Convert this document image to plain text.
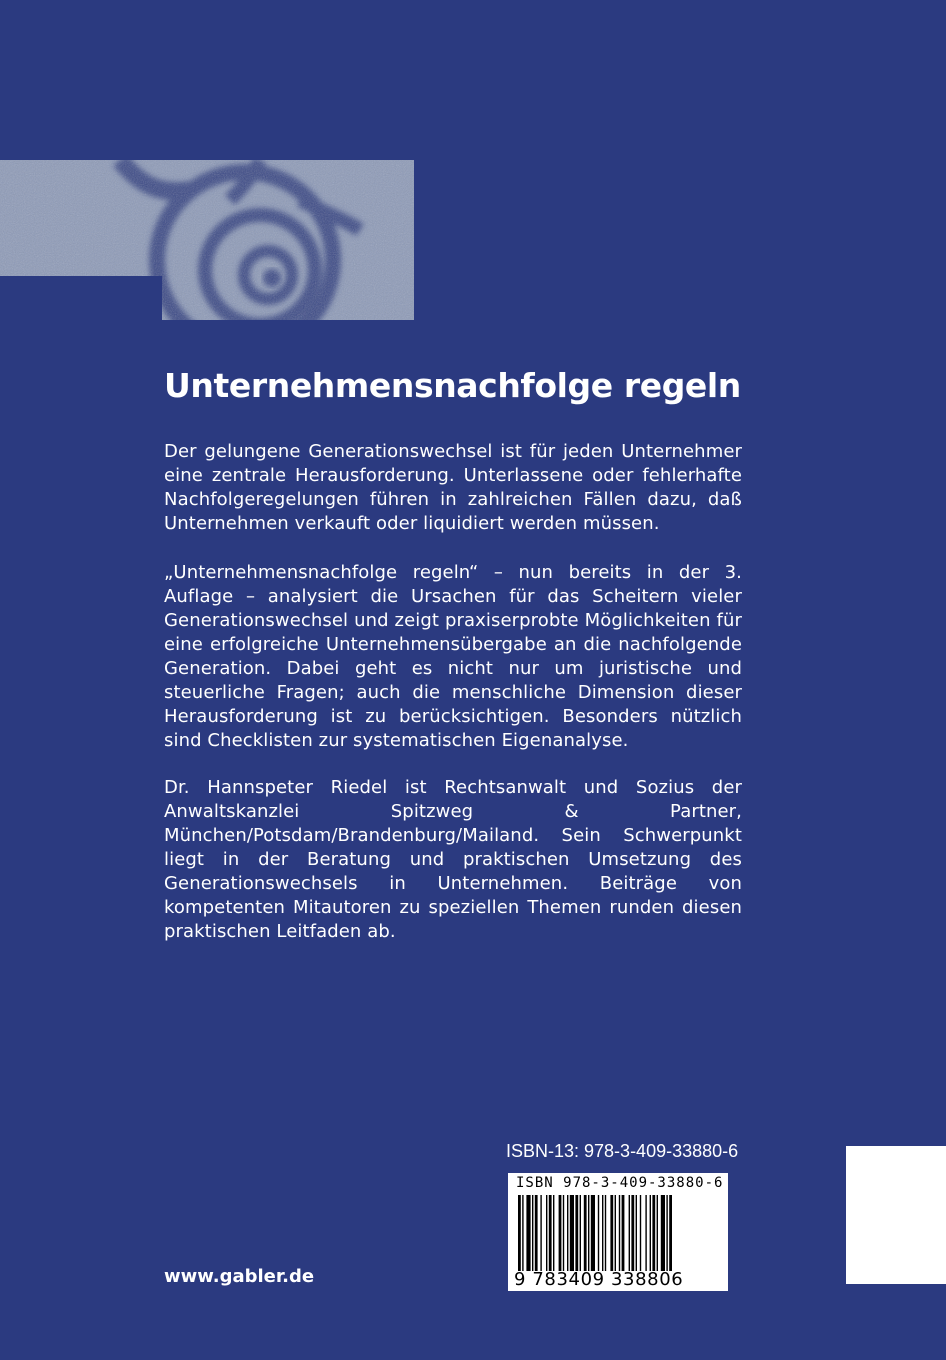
Unternehmensnachfolge regeln

Der gelungene Generationswechsel ist für jeden Unternehmer eine zentrale Herausforderung. Unterlassene oder fehlerhafte Nachfolgeregelungen führen in zahlreichen Fällen dazu, daß Unternehmen verkauft oder liquidiert werden müssen.

„Unternehmensnachfolge regeln“ – nun bereits in der 3. Auflage – analysiert die Ursachen für das Scheitern vieler Generationswechsel und zeigt praxiserprobte Möglichkeiten für eine erfolgreiche Unternehmensübergabe an die nachfolgende Generation. Dabei geht es nicht nur um juristische und steuerliche Fragen; auch die menschliche Dimension dieser Herausforderung ist zu berücksichtigen. Besonders nützlich sind Checklisten zur systematischen Eigenanalyse.

Dr. Hannspeter Riedel ist Rechtsanwalt und Sozius der Anwaltskanzlei Spitzweg & Partner, München/Potsdam/Brandenburg/Mailand. Sein Schwerpunkt liegt in der Beratung und praktischen Umsetzung des Generationswechsels in Unternehmen. Beiträge von kompetenten Mitautoren zu speziellen Themen runden diesen praktischen Leitfaden ab.

www.gabler.de

ISBN-13: 978-3-409-33880-6

ISBN 978-3-409-33880-6
9 783409 338806
